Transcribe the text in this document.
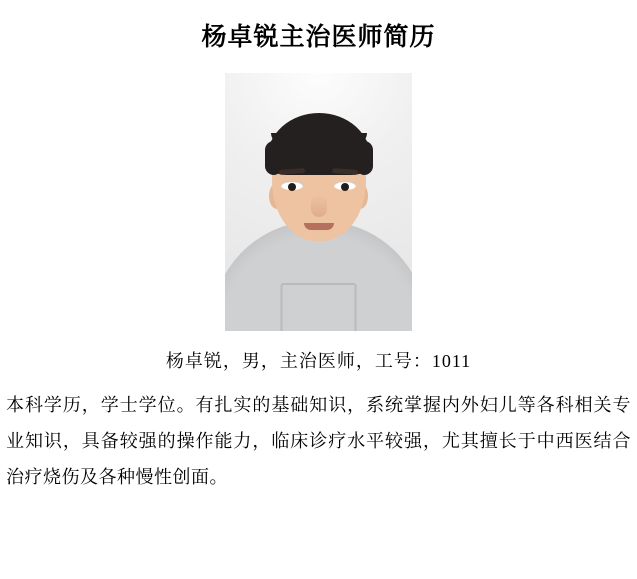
杨卓锐主治医师简历
杨卓锐，男，主治医师，工号：1011

本科学历，学士学位。有扎实的基础知识，系统掌握内外妇儿等各科相关专业知识，具备较强的操作能力，临床诊疗水平较强，尤其擅长于中西医结合治疗烧伤及各种慢性创面。
